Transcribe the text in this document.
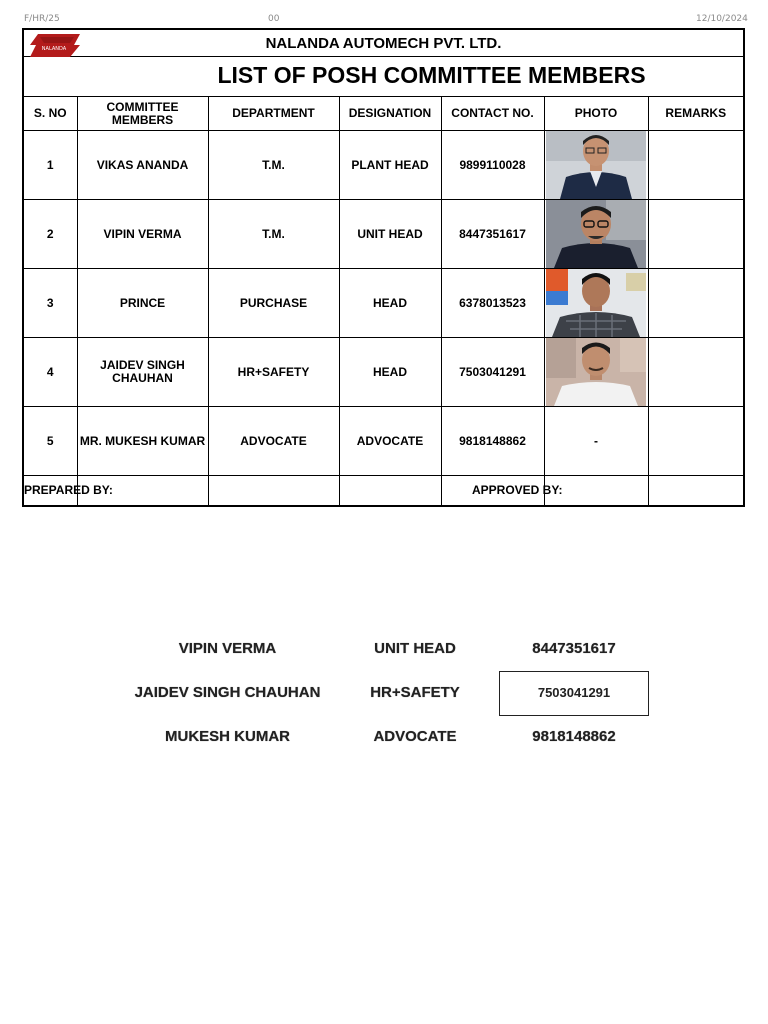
F/HR/25	00	12/10/2024
NALANDA	NALANDA AUTOMECH PVT. LTD.
LIST OF POSH COMMITTEE MEMBERS
S. NO	COMMITTEE MEMBERS	DEPARTMENT	DESIGNATION	CONTACT NO.	PHOTO	REMARKS
1	VIKAS ANANDA	T.M.	PLANT HEAD	9899110028	

2	VIPIN VERMA	T.M.	UNIT HEAD	8447351617	

3	PRINCE	PURCHASE	HEAD	6378013523	

4	JAIDEV SINGH CHAUHAN	HR+SAFETY	HEAD	7503041291	

5	MR. MUKESH KUMAR	ADVOCATE	ADVOCATE	9818148862	-	

PREPARED BY:	APPROVED BY:
VIPIN VERMA	UNIT HEAD	8447351617
JAIDEV SINGH CHAUHAN	HR+SAFETY	7503041291
MUKESH KUMAR	ADVOCATE	9818148862
